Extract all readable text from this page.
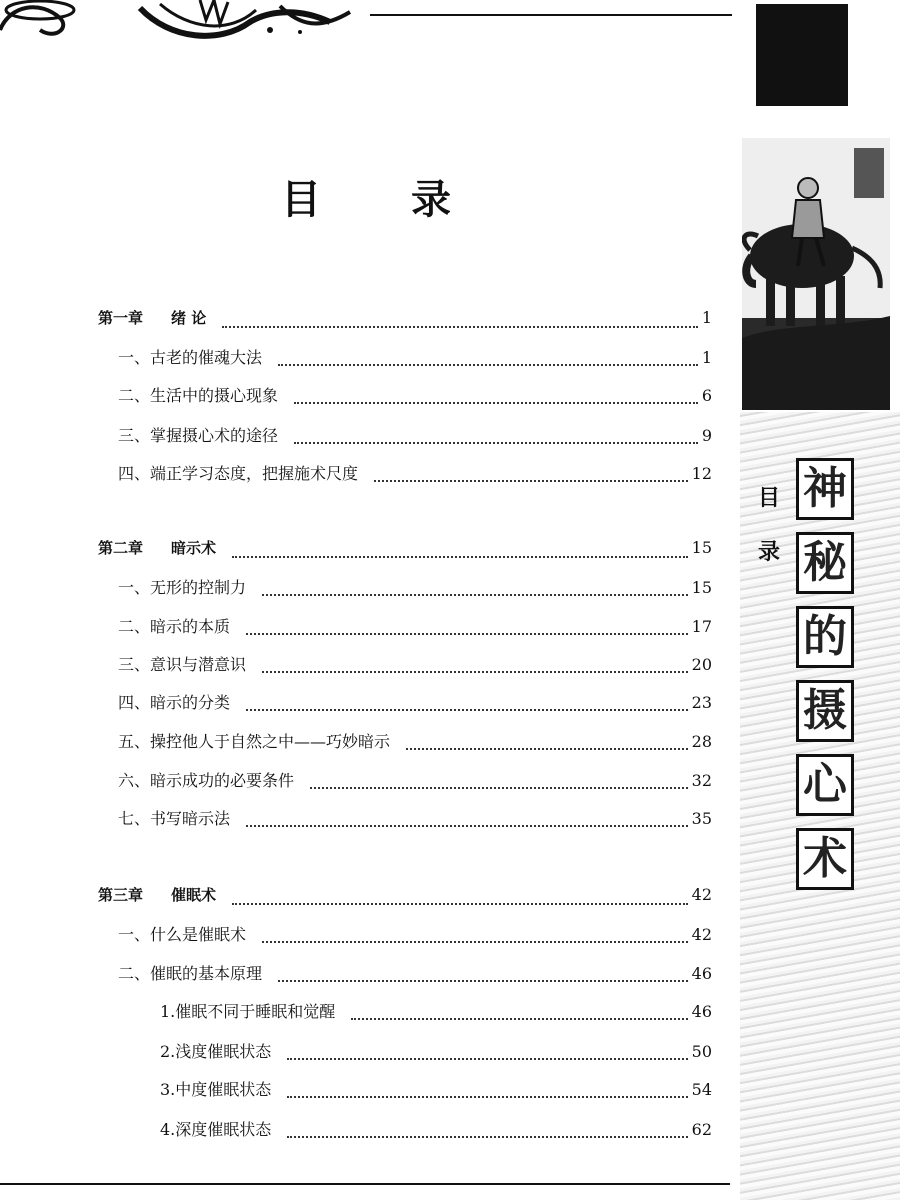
目 录
第一章 绪 论	1
一、古老的催魂大法	1
二、生活中的摄心现象	6
三、掌握摄心术的途径	9
四、端正学习态度，把握施术尺度	12
第二章 暗示术	15
一、无形的控制力	15
二、暗示的本质	17
三、意识与潜意识	20
四、暗示的分类	23
五、操控他人于自然之中——巧妙暗示	28
六、暗示成功的必要条件	32
七、书写暗示法	35
第三章 催眠术	42
一、什么是催眠术	42
二、催眠的基本原理	46
1.催眠不同于睡眠和觉醒	46
2.浅度催眠状态	50
3.中度催眠状态	54
4.深度催眠状态	62
目录
神
秘
的
摄
心
术
